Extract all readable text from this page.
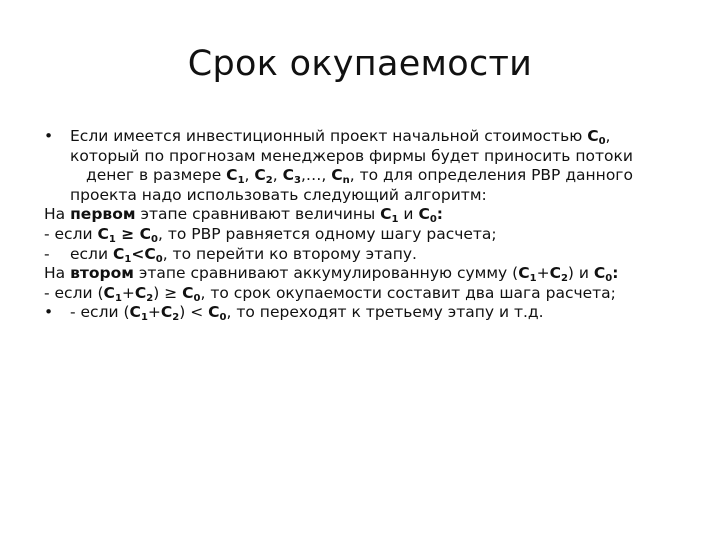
Срок окупаемости
• Если имеется инвестиционный проект начальной стоимостью $C_0$,
который по прогнозам менеджеров фирмы будет приносить потоки
денег в размере $C_1$, $C_2$, $C_3,\dots$, $C_n$, то для определения PBP данного
проекта надо использовать следующий алгоритм:
На первом этапе сравнивают величины $C_1$ и $C_0$:
- если $C_1 \ge C_0$, то PBP равняется одному шагу расчета;
- если $C_1<C_0$, то перейти ко второму этапу.
На втором этапе сравнивают аккумулированную сумму $(C_1+C_2)$ и $C_0$:
- если $(C_1+C_2) \ge C_0$, то срок окупаемости составит два шага расчета;
• - если $(C_1+C_2) < C_0$, то переходят к третьему этапу и т.д.
